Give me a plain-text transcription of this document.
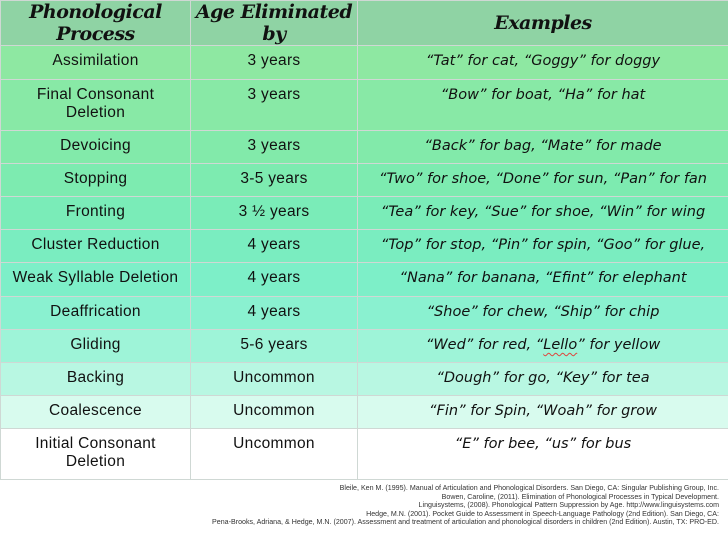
Phonological Process	Age Eliminated by	Examples
Assimilation	3 years	“Tat” for cat, “Goggy” for doggy
Final Consonant Deletion	3 years	“Bow” for boat, “Ha” for hat
Devoicing	3 years	“Back” for bag, “Mate” for made
Stopping	3-5 years	“Two” for shoe, “Done” for sun, “Pan” for fan
Fronting	3 ½ years	“Tea” for key, “Sue” for shoe, “Win” for wing
Cluster Reduction	4 years	“Top” for stop, “Pin” for spin, “Goo” for glue,
Weak Syllable Deletion	4 years	“Nana” for banana, “Efint” for elephant
Deaffrication	4 years	“Shoe” for chew, “Ship” for chip
Gliding	5-6 years	“Wed” for red, “Lello” for yellow
Backing	Uncommon	“Dough” for go, “Key” for tea
Coalescence	Uncommon	“Fin” for Spin, “Woah” for grow
Initial Consonant Deletion	Uncommon	“E” for bee, “us” for bus
Bleile, Ken M. (1995). Manual of Articulation and Phonological Disorders. San Diego, CA: Singular Publishing Group, Inc.
Bowen, Caroline, (2011). Elimination of Phonological Processes in Typical Development.
Linguisystems, (2008). Phonological Pattern Suppression by Age. http://www.linguisystems.com
Hedge, M.N. (2001). Pocket Guide to Assessment in Speech-Language Pathology (2nd Edition). San Diego, CA:
Pena-Brooks, Adriana, & Hedge, M.N. (2007). Assessment and treatment of articulation and phonological disorders in children (2nd Edition). Austin, TX: PRO-ED.
